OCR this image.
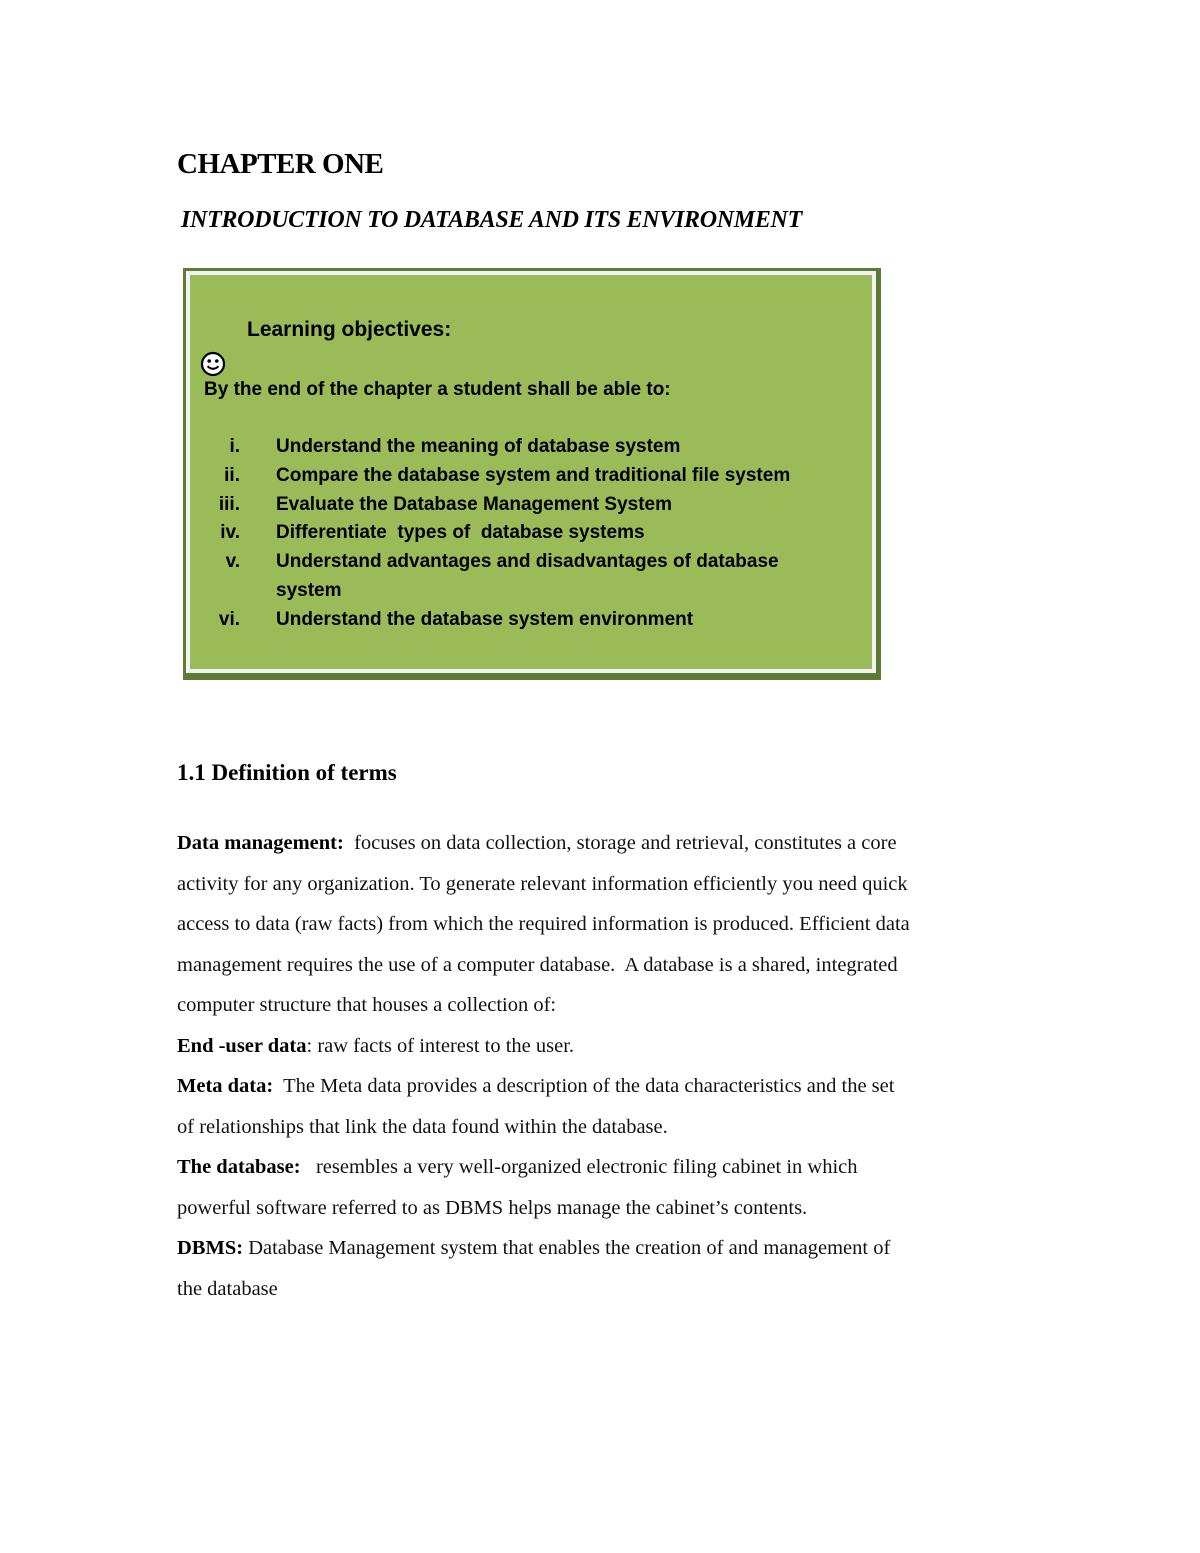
CHAPTER ONE
INTRODUCTION TO DATABASE AND ITS ENVIRONMENT
Learning objectives:
By the end of the chapter a student shall be able to:
i. Understand the meaning of database system
ii. Compare the database system and traditional file system
iii. Evaluate the Database Management System
iv. Differentiate  types of  database systems
v. Understand advantages and disadvantages of database system
vi. Understand the database system environment
1.1 Definition of terms
Data management:  focuses on data collection, storage and retrieval, constitutes a core
activity for any organization. To generate relevant information efficiently you need quick
access to data (raw facts) from which the required information is produced. Efficient data
management requires the use of a computer database.  A database is a shared, integrated
computer structure that houses a collection of:
End -user data: raw facts of interest to the user.
Meta data:  The Meta data provides a description of the data characteristics and the set
of relationships that link the data found within the database.
The database:   resembles a very well-organized electronic filing cabinet in which
powerful software referred to as DBMS helps manage the cabinet’s contents.
DBMS: Database Management system that enables the creation of and management of
the database
